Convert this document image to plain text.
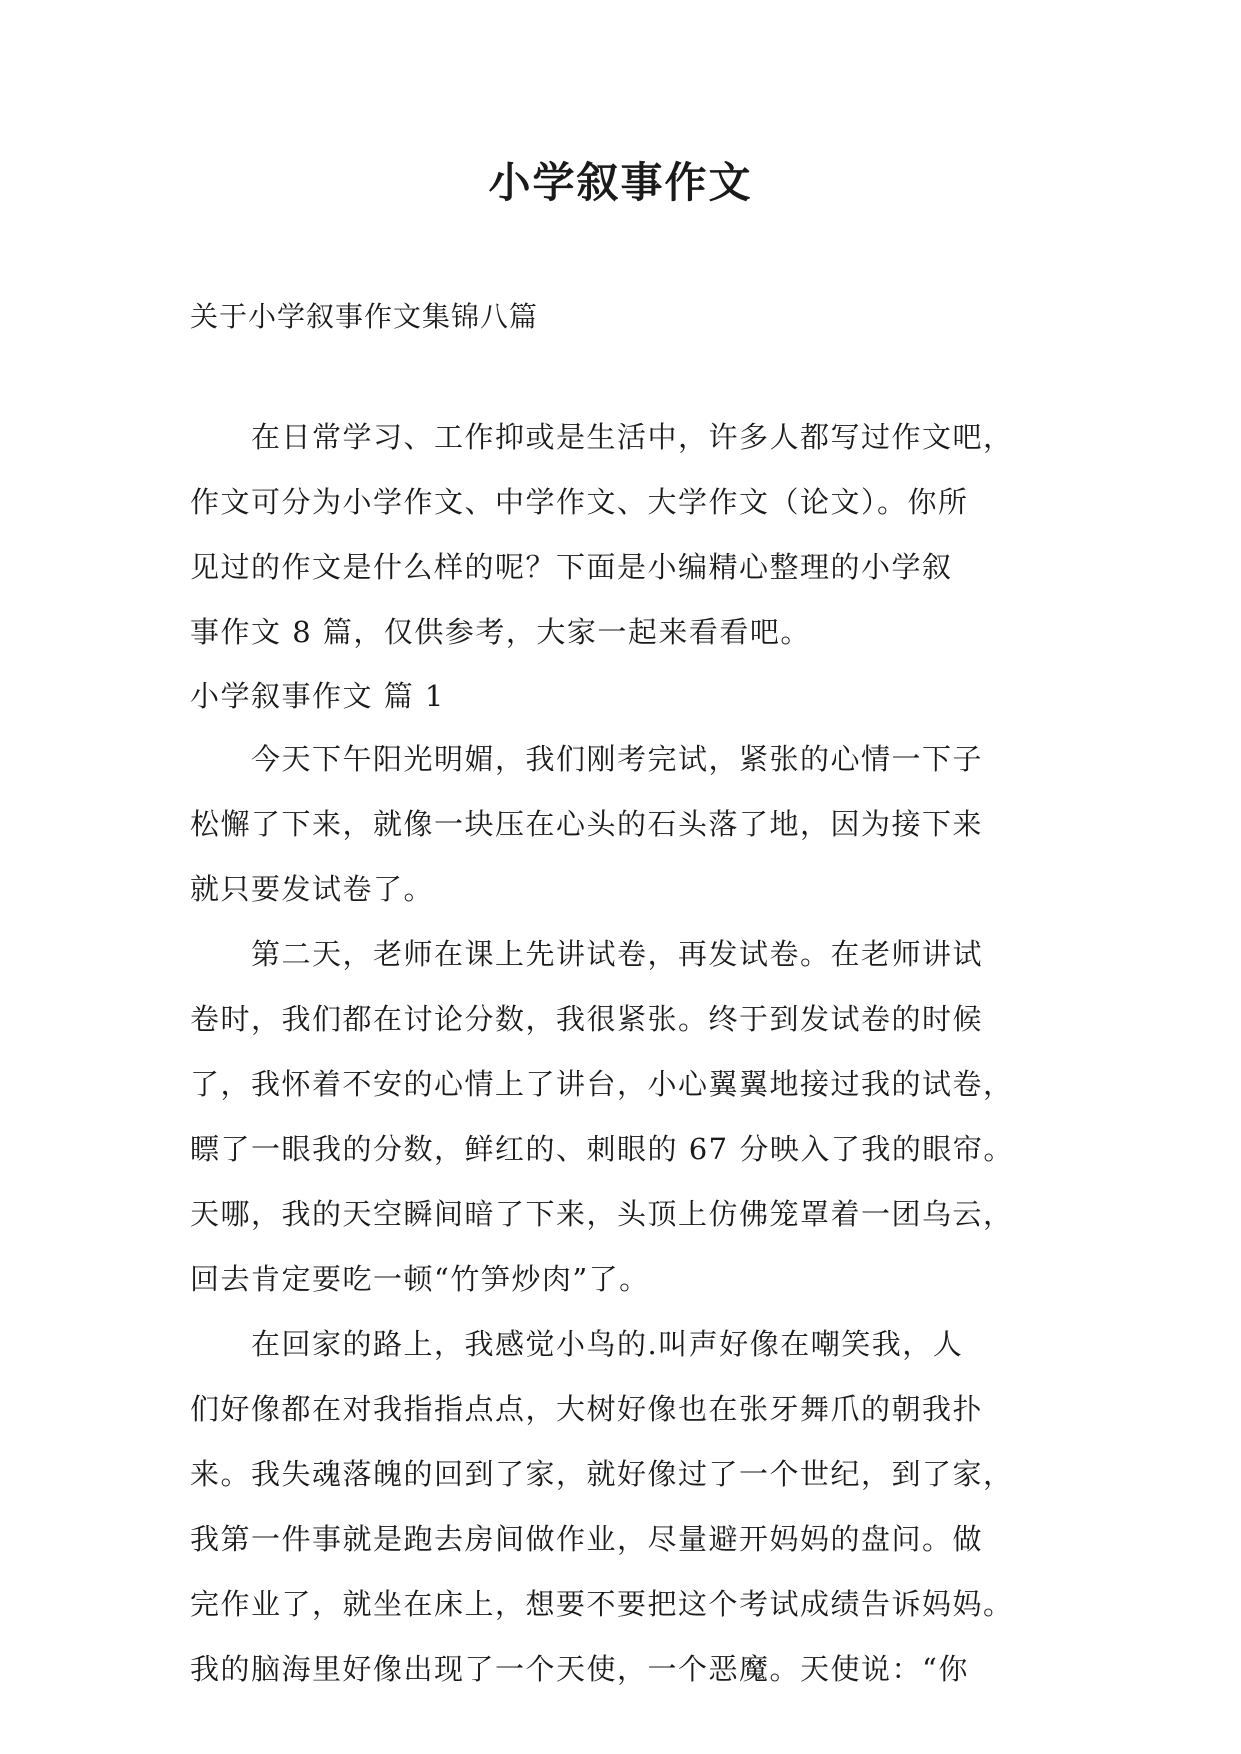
小学叙事作文

关于小学叙事作文集锦八篇

　　在日常学习、工作抑或是生活中，许多人都写过作文吧，
作文可分为小学作文、中学作文、大学作文（论文）。你所
见过的作文是什么样的呢？下面是小编精心整理的小学叙
事作文 8 篇，仅供参考，大家一起来看看吧。
小学叙事作文 篇 1
　　今天下午阳光明媚，我们刚考完试，紧张的心情一下子
松懈了下来，就像一块压在心头的石头落了地，因为接下来
就只要发试卷了。
　　第二天，老师在课上先讲试卷，再发试卷。在老师讲试
卷时，我们都在讨论分数，我很紧张。终于到发试卷的时候
了，我怀着不安的心情上了讲台，小心翼翼地接过我的试卷，
瞟了一眼我的分数，鲜红的、刺眼的 67 分映入了我的眼帘。
天哪，我的天空瞬间暗了下来，头顶上仿佛笼罩着一团乌云，
回去肯定要吃一顿“竹笋炒肉”了。
　　在回家的路上，我感觉小鸟的.叫声好像在嘲笑我，人
们好像都在对我指指点点，大树好像也在张牙舞爪的朝我扑
来。我失魂落魄的回到了家，就好像过了一个世纪，到了家，
我第一件事就是跑去房间做作业，尽量避开妈妈的盘问。做
完作业了，就坐在床上，想要不要把这个考试成绩告诉妈妈。
我的脑海里好像出现了一个天使，一个恶魔。天使说：“你
